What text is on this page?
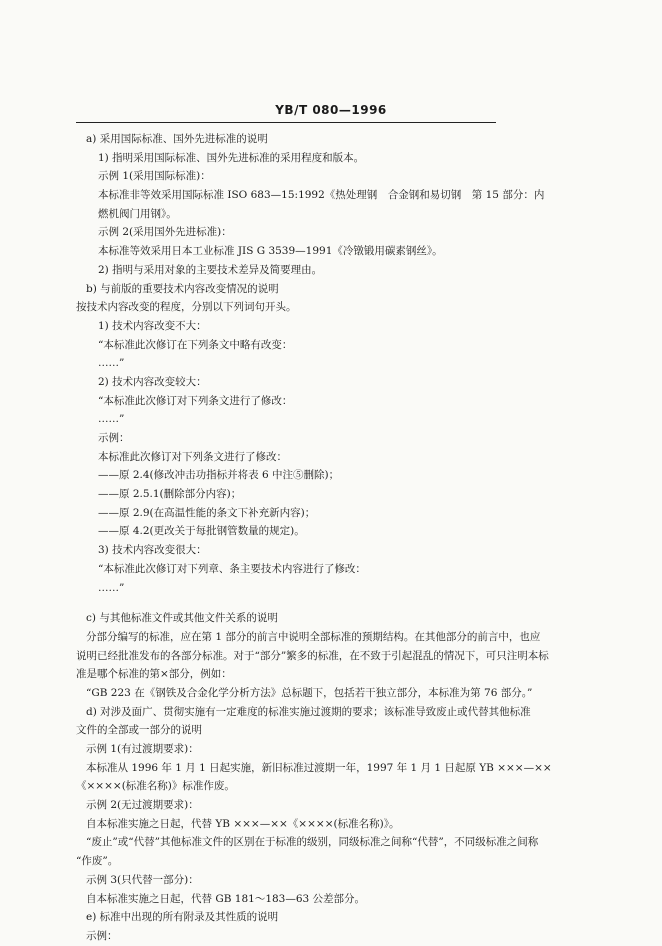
YB/T 080—1996
a) 采用国际标准、国外先进标准的说明
1) 指明采用国际标准、国外先进标准的采用程度和版本。
示例 1(采用国际标准)：
本标准非等效采用国际标准 ISO 683—15:1992《热处理钢　合金钢和易切钢　第 15 部分：内
燃机阀门用钢》。
示例 2(采用国外先进标准)：
本标准等效采用日本工业标准 JIS G 3539—1991《冷镦锻用碳素钢丝》。
2) 指明与采用对象的主要技术差异及简要理由。
b) 与前版的重要技术内容改变情况的说明
按技术内容改变的程度，分别以下列词句开头。
1) 技术内容改变不大：
“本标准此次修订在下列条文中略有改变：
……”
2) 技术内容改变较大：
“本标准此次修订对下列条文进行了修改：
……”
示例：
本标准此次修订对下列条文进行了修改：
——原 2.4(修改冲击功指标并将表 6 中注⑤删除)；
——原 2.5.1(删除部分内容)；
——原 2.9(在高温性能的条文下补充新内容)；
——原 4.2(更改关于每批钢管数量的规定)。
3) 技术内容改变很大：
“本标准此次修订对下列章、条主要技术内容进行了修改：
……”
c) 与其他标准文件或其他文件关系的说明
分部分编写的标准，应在第 1 部分的前言中说明全部标准的预期结构。在其他部分的前言中，也应
说明已经批准发布的各部分标准。对于“部分”繁多的标准，在不致于引起混乱的情况下，可只注明本标
准是哪个标准的第×部分，例如：
“GB 223 在《钢铁及合金化学分析方法》总标题下，包括若干独立部分，本标准为第 76 部分。”
d) 对涉及面广、贯彻实施有一定难度的标准实施过渡期的要求；该标准导致废止或代替其他标准
文件的全部或一部分的说明
示例 1(有过渡期要求)：
本标准从 1996 年 1 月 1 日起实施，新旧标准过渡期一年，1997 年 1 月 1 日起原 YB ×××—××
《××××(标准名称)》标准作废。
示例 2(无过渡期要求)：
自本标准实施之日起，代替 YB ×××—××《××××(标准名称)》。
“废止”或“代替”其他标准文件的区别在于标准的级别，同级标准之间称“代替”，不同级标准之间称
“作废”。
示例 3(只代替一部分)：
自本标准实施之日起，代替 GB 181～183—63 公差部分。
e) 标准中出现的所有附录及其性质的说明
示例：
